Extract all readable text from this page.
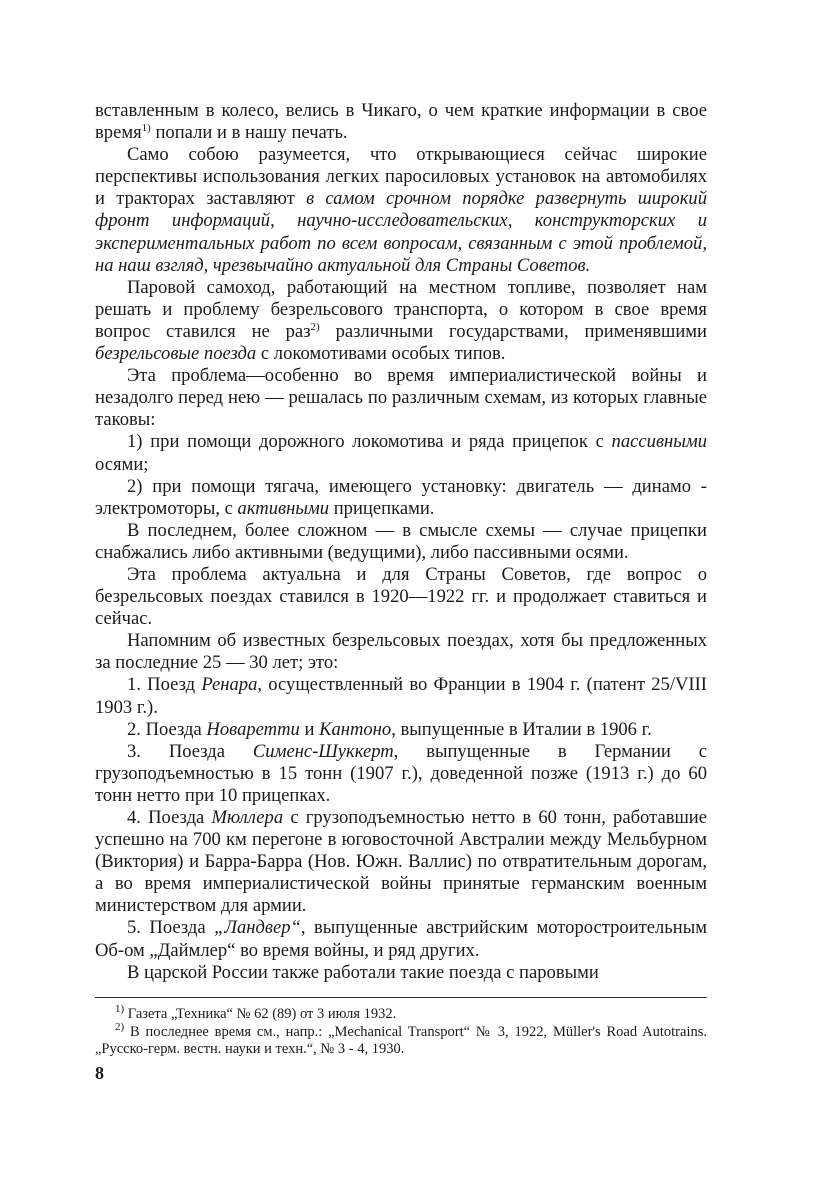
вставленным в колесо, велись в Чикаго, о чем краткие информации в свое время$^{1)}$ попали и в нашу печать.

Само собою разумеется, что открывающиеся сейчас широкие перспективы использования легких паросиловых установок на автомобилях и тракторах заставляют в самом срочном порядке развернуть широкий фронт информаций, научно-исследовательских, конструкторских и экспериментальных работ по всем вопросам, связанным с этой проблемой, на наш взгляд, чрезвычайно актуальной для Страны Советов.

Паровой самоход, работающий на местном топливе, позволяет нам решать и проблему безрельсового транспорта, о котором в свое время вопрос ставился не раз$^{2)}$ различными государствами, применявшими безрельсовые поезда с локомотивами особых типов.

Эта проблема—особенно во время империалистической войны и незадолго перед нею — решалась по различным схемам, из которых главные таковы:

1) при помощи дорожного локомотива и ряда прицепок с пассивными осями;

2) при помощи тягача, имеющего установку: двигатель — динамо - электромоторы, с активными прицепками.

В последнем, более сложном — в смысле схемы — случае прицепки снабжались либо активными (ведущими), либо пассивными осями.

Эта проблема актуальна и для Страны Советов, где вопрос о безрельсовых поездах ставился в 1920—1922 гг. и продолжает ставиться и сейчас.

Напомним об известных безрельсовых поездах, хотя бы предложенных за последние 25 — 30 лет; это:

1. Поезд Ренара, осуществленный во Франции в 1904 г. (патент 25/VIII 1903 г.).

2. Поезда Новаретти и Кантоно, выпущенные в Италии в 1906 г.

3. Поезда Сименс-Шуккерт, выпущенные в Германии с грузоподъемностью в 15 тонн (1907 г.), доведенной позже (1913 г.) до 60 тонн нетто при 10 прицепках.

4. Поезда Мюллера с грузоподъемностью нетто в 60 тонн, работавшие успешно на 700 км перегоне в юговосточной Австралии между Мельбурном (Виктория) и Барра-Барра (Нов. Южн. Валлис) по отвратительным дорогам, а во время империалистической войны принятые германским военным министерством для армии.

5. Поезда „Ландвер“, выпущенные австрийским моторостроительным Об-ом „Даймлер“ во время войны, и ряд других.

В царской России также работали такие поезда с паровыми

$^{1)}$ Газета „Техника“ № 62 (89) от 3 июля 1932.

$^{2)}$ В последнее время см., напр.: „Mechanical Transport“ № 3, 1922, Müller's Road Autotrains. „Русско-герм. вестн. науки и техн.“, № 3 - 4, 1930.

8
